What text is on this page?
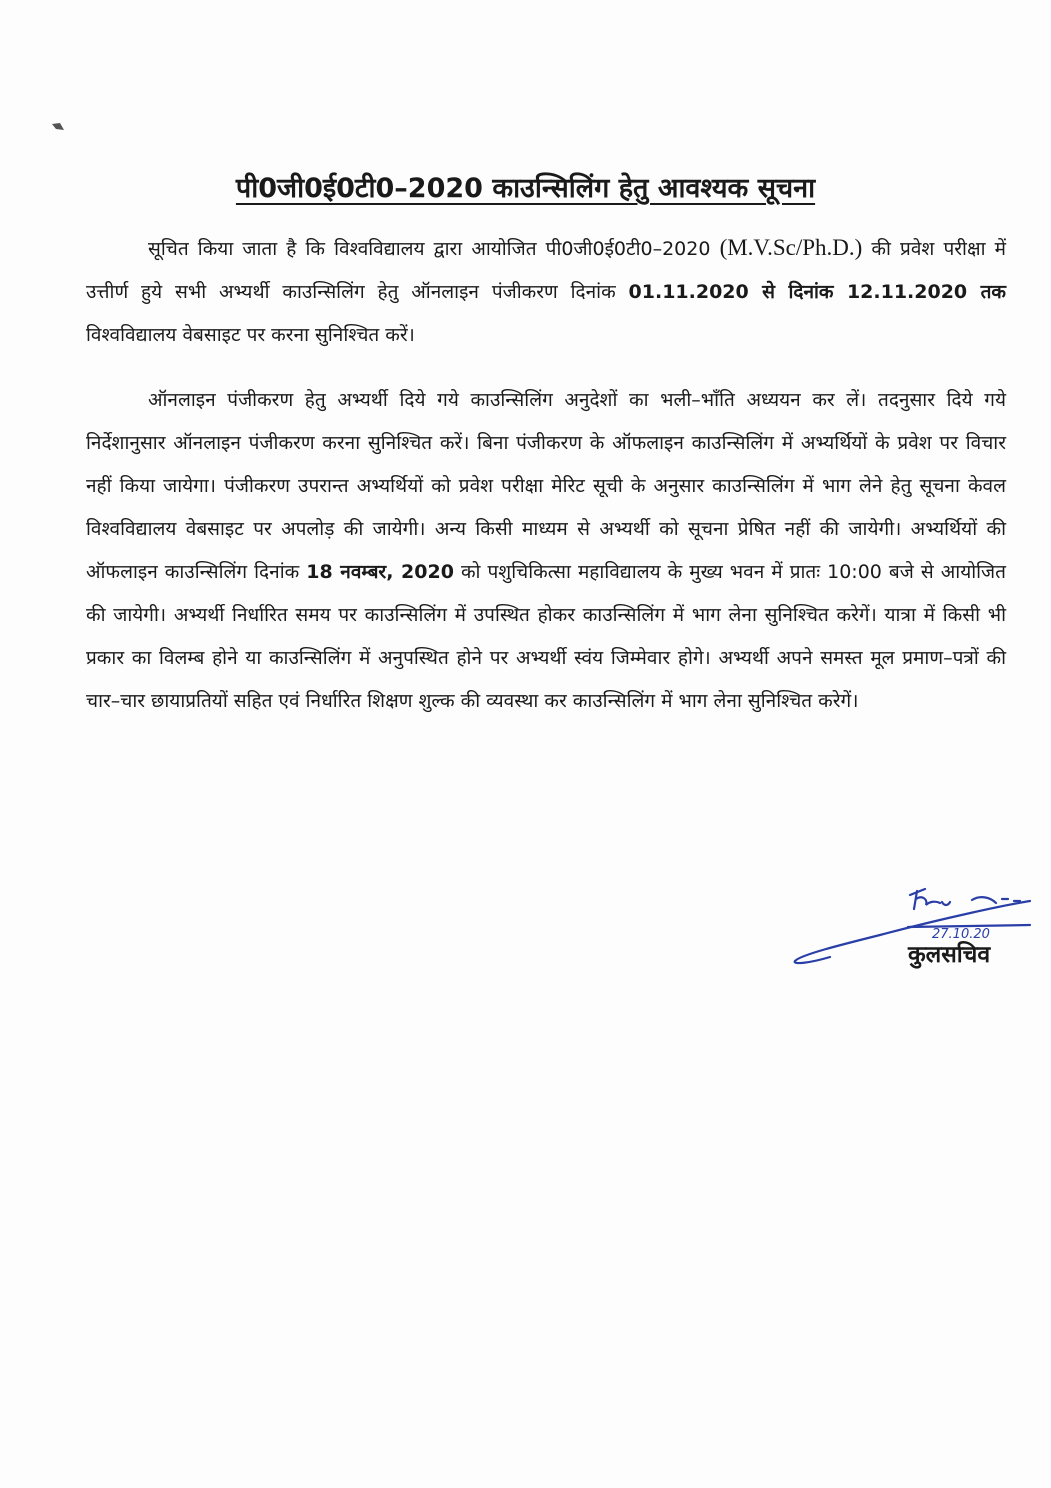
पी0जी0ई0टी0–2020 काउन्सिलिंग हेतु आवश्यक सूचना

सूचित किया जाता है कि विश्वविद्यालय द्वारा आयोजित पी0जी0ई0टी0–2020 (M.V.Sc/Ph.D.) की प्रवेश परीक्षा में उत्तीर्ण हुये सभी अभ्यर्थी काउन्सिलिंग हेतु ऑनलाइन पंजीकरण दिनांक 01.11.2020 से दिनांक 12.11.2020 तक विश्वविद्यालय वेबसाइट पर करना सुनिश्चित करें।

ऑनलाइन पंजीकरण हेतु अभ्यर्थी दिये गये काउन्सिलिंग अनुदेशों का भली–भाँति अध्ययन कर लें। तदनुसार दिये गये निर्देशानुसार ऑनलाइन पंजीकरण करना सुनिश्चित करें। बिना पंजीकरण के ऑफलाइन काउन्सिलिंग में अभ्यर्थियों के प्रवेश पर विचार नहीं किया जायेगा। पंजीकरण उपरान्त अभ्यर्थियों को प्रवेश परीक्षा मेरिट सूची के अनुसार काउन्सिलिंग में भाग लेने हेतु सूचना केवल विश्वविद्यालय वेबसाइट पर अपलोड़ की जायेगी। अन्य किसी माध्यम से अभ्यर्थी को सूचना प्रेषित नहीं की जायेगी। अभ्यर्थियों की ऑफलाइन काउन्सिलिंग दिनांक 18 नवम्बर, 2020 को पशुचिकित्सा महाविद्यालय के मुख्य भवन में प्रातः 10:00 बजे से आयोजित की जायेगी। अभ्यर्थी निर्धारित समय पर काउन्सिलिंग में उपस्थित होकर काउन्सिलिंग में भाग लेना सुनिश्चित करेगें। यात्रा में किसी भी प्रकार का विलम्ब होने या काउन्सिलिंग में अनुपस्थित होने पर अभ्यर्थी स्वंय जिम्मेवार होगे। अभ्यर्थी अपने समस्त मूल प्रमाण–पत्रों की चार–चार छायाप्रतियों सहित एवं निर्धारित शिक्षण शुल्क की व्यवस्था कर काउन्सिलिंग में भाग लेना सुनिश्चित करेगें।

27.10.20
कुलसचिव
